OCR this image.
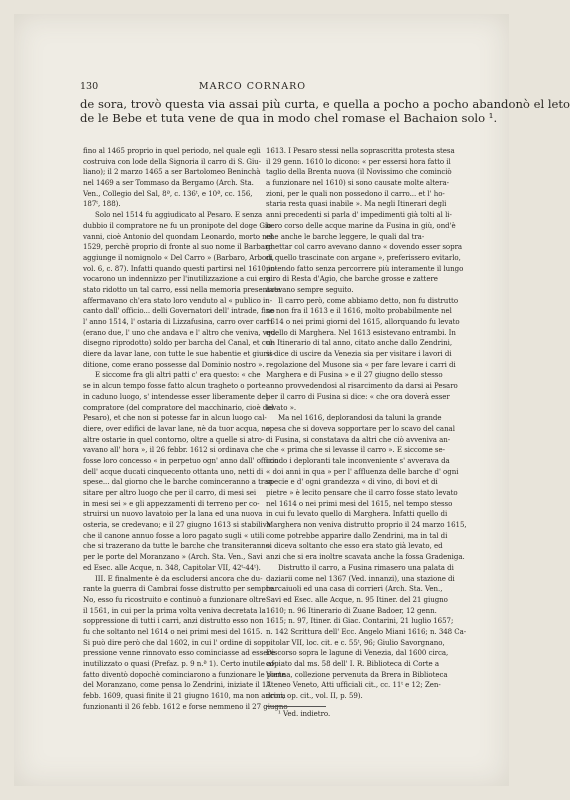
130	MARCO CORNARO
de sora, trovò questa via assai più curta, e quella a pocho a pocho abandonò el leto
de le Bebe et tuta vene de qua in modo chel romase el Bachaion solo ¹.
fino al 1465 proprio in quel periodo, nel quale egli
costruiva con lode della Signoria il carro di S. Giu-
liano); il 2 marzo 1465 a ser Bartolomeo Beninchà
nel 1469 a ser Tommaso da Bergamo (Arch. Sta.
Ven., Collegio del Sal, 8ª, c. 136ᵗ, e 10ª, cc. 156,
187ᵗ, 188).
Solo nel 1514 fu aggiudicato al Pesaro. E senza
dubbio il compratore ne fu un pronipote del doge Gio-
vanni, cioè Antonio del quondam Leonardo, morto nel
1529, perchè proprio di fronte al suo nome il Barbaro
aggiunge il nomignolo « Del Carro » (Barbaro, Arbori,
vol. 6, c. 87). Infatti quando questi partirsi nel 1610 in-
vocarono un indennizzo per l'inutilizzazione a cui era
stato ridotto un tal carro, essi nella memoria presentata
affermavano ch'era stato loro venduto al « publico in-
canto dall' officio... delli Governatori dell' intrade, fino
l' anno 1514, l' ostaria di Lizzafusina, carro over carri
(erano due, l' uno che andava e l' altro che veniva, ved.
disegno riprodotto) soldo per barcha del Canal, et col-
diere da lavar lane, con tutte le sue habentie et giuris-
ditione, come erano possesse dal Dominio nostro ».
E siccome fra gli altri patti c' era questo: « che
se in alcun tempo fosse fatto alcun tragheto o porte
in caduno luogo, s' intendesse esser liberamente del
compratore (del compratore del macchinario, cioè del
Pesaro), et che non si potesse far in alcun luogo cal-
diere, over edifici de lavar lane, nè da tuor acqua, ne
altre ostarie in quel contorno, oltre a quelle si atro-
vavano all' hora », il 26 febbr. 1612 si ordinava che
fosse loro concesso « in perpetuo ogn' anno dall' officio
dell' acque ducati cinquecento ottanta uno, netti di
spese... dal giorno che le barche cominceranno a tran-
sitare per altro luogo che per il carro, di mesi sei
in mesi sei » e gli appezzamenti di terreno per co-
struirsi un nuovo lavatoio per la lana ed una nuova
osteria, se credevano; e il 27 giugno 1613 si stabiliva
che il canone annuo fosse a loro pagato sugli « utili
che si trazerano da tutte le barche che transiteranno
per le porte del Moranzano » (Arch. Sta. Ven., Savi
ed Esec. alle Acque, n. 348, Capitolar VII, 42ᵗ-44ᵗ).
III. E finalmente è da escludersi ancora che du-
rante la guerra di Cambrai fosse distrutto per sempre.
No, esso fu ricostruito e continuò a funzionare oltre
il 1561, in cui per la prima volta veniva decretata la
soppressione di tutti i carri, anzi distrutto esso non
fu che soltanto nel 1614 o nei primi mesi del 1615.
Si può dire però che dal 1602, in cui l' ordine di sop-
pressione venne rinnovato esso cominciasse ad essere
inutilizzato o quasi (Prefaz. p. 9 n.ª 1). Certo inutile af-
fatto diventò dopochè cominciarono a funzionare le porte
del Moranzano, come pensa lo Zendrini, iniziate il 17
febb. 1609, quasi finite il 21 giugno 1610, ma non ancora
funzionanti il 26 febb. 1612 e forse nemmeno il 27 giugno
1613. I Pesaro stessi nella soprascritta protesta stesa
il 29 genn. 1610 lo dicono: « per essersi hora fatto il
taglio della Brenta nuova (il Novissimo che cominciò
a funzionare nel 1610) si sono causate molte altera-
zioni, per le quali non possedono il carro... et l' ho-
staria resta quasi inabile ». Ma negli Itinerari degli
anni precedenti si parla d' impedimenti già tolti al li-
bero corso delle acque marine da Fusina in giù, ond'è
che anche le barche leggere, le quali dal tra-
ghettar col carro avevano danno « dovendo esser sopra
di quello trascinate con argane », preferissero evitarlo,
potendo fatto senza percorrere più interamente il lungo
giro di Resta d'Agio, che barche grosse e zattere
avevano sempre seguito.
Il carro però, come abbiamo detto, non fu distrutto
se non fra il 1613 e il 1616, molto probabilmente nel
1614 o nei primi giorni del 1615, allorquando fu levato
quello di Marghera. Nel 1613 esistevano entrambi. In
un Itinerario di tal anno, citato anche dallo Zendrini,
si dice di uscire da Venezia sia per visitare i lavori di
regolazione del Musone sia « per fare levare i carri di
Marghera e di Fusina » e il 27 giugno dello stesso
anno provvedendosi al risarcimento da darsi ai Pesaro
per il carro di Fusina si dice: « che ora doverà esser
levato ».
Ma nel 1616, deplorandosi da taluni la grande
spesa che si doveva sopportare per lo scavo del canal
di Fusina, si constatava da altri che ciò avveniva an-
che « prima che si levasse il carro ». E siccome se-
condo i deploranti tale inconveniente s' avverava da
« doi anni in qua » per l' affluenza delle barche d' ogni
specie e d' ogni grandezza « di vino, di bovi et di
pietre » è lecito pensare che il carro fosse stato levato
nel 1614 o nei primi mesi del 1615, nel tempo stesso
in cui fu levato quello di Marghera. Infatti quello di
Marghera non veniva distrutto proprio il 24 marzo 1615,
come potrebbe apparire dallo Zendrini, ma in tal di
si diceva soltanto che esso era stato già levato, ed
anzi che si era inoltre scavata anche la fossa Gradeniga.
Distrutto il carro, a Fusina rimasero una palata di
daziarii come nel 1367 (Ved. innanzi), una stazione di
barcaiuoli ed una casa di corrieri (Arch. Sta. Ven.,
Savi ed Esec. alle Acque, n. 95 Itiner. del 21 giugno
1610; n. 96 Itinerario di Zuane Badoer, 12 genn.
1615; n. 97, Itiner. di Giac. Contarini, 21 luglio 1657;
n. 142 Scrittura dell' Ecc. Angelo Miani 1616; n. 348 Ca-
pitolar VII, loc. cit. e c. 55ᵗ, 96; Giulio Savorgnano,
Discorso sopra le lagune di Venezia, dal 1600 circa,
copiato dal ms. 58 dell' I. R. Biblioteca di Corte a
Vienna, collezione pervenuta da Brera in Biblioteca
Ateneo Veneto, Atti ufficiali cit., cc. 11ᵗ e 12; Zen-
drini, op. cit., vol. II, p. 59).
¹ Ved. indietro.
